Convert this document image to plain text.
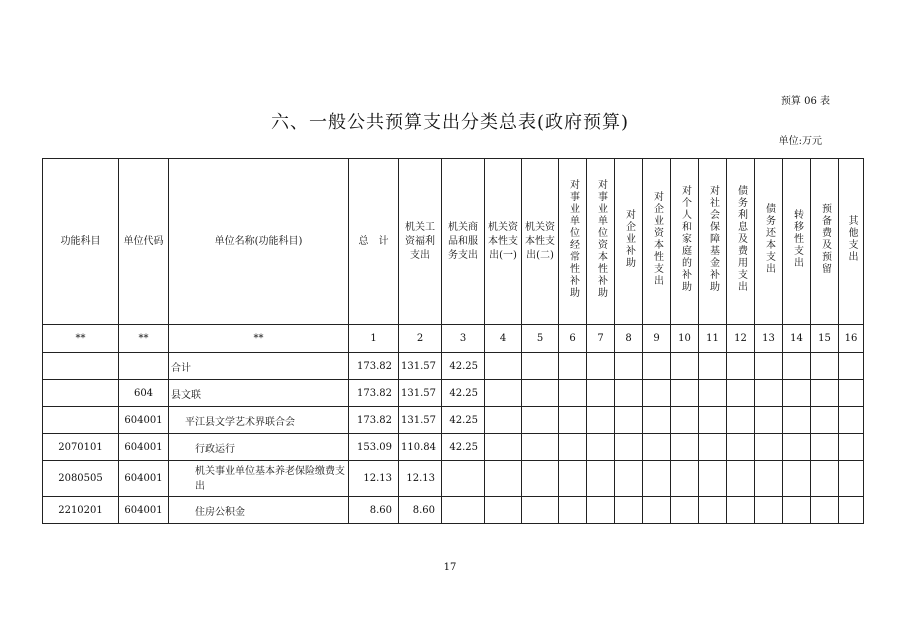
预算 06 表
六、一般公共预算支出分类总表(政府预算)
单位:万元
功能科目	单位代码	单位名称(功能科目)	总　计	机关工资福利支出	机关商品和服务支出	机关资本性支出(一)	机关资本性支出(二)	对事业单位经常性补助	对事业单位资本性补助	对企业补助	对企业资本性支出	对个人和家庭的补助	对社会保障基金补助	债务利息及费用支出	债务还本支出	转移性支出	预备费及预留	其他支出
**	**	**	1	2	3	4	5	6	7	8	9	10	11	12	13	14	15	16
		合计	173.82	131.57	42.25													
	604	县文联	173.82	131.57	42.25													
	604001	平江县文学艺术界联合会	173.82	131.57	42.25													
2070101	604001	行政运行	153.09	110.84	42.25													
2080505	604001	机关事业单位基本养老保险缴费支出	12.13	12.13														
2210201	604001	住房公积金	8.60	8.60														
17
